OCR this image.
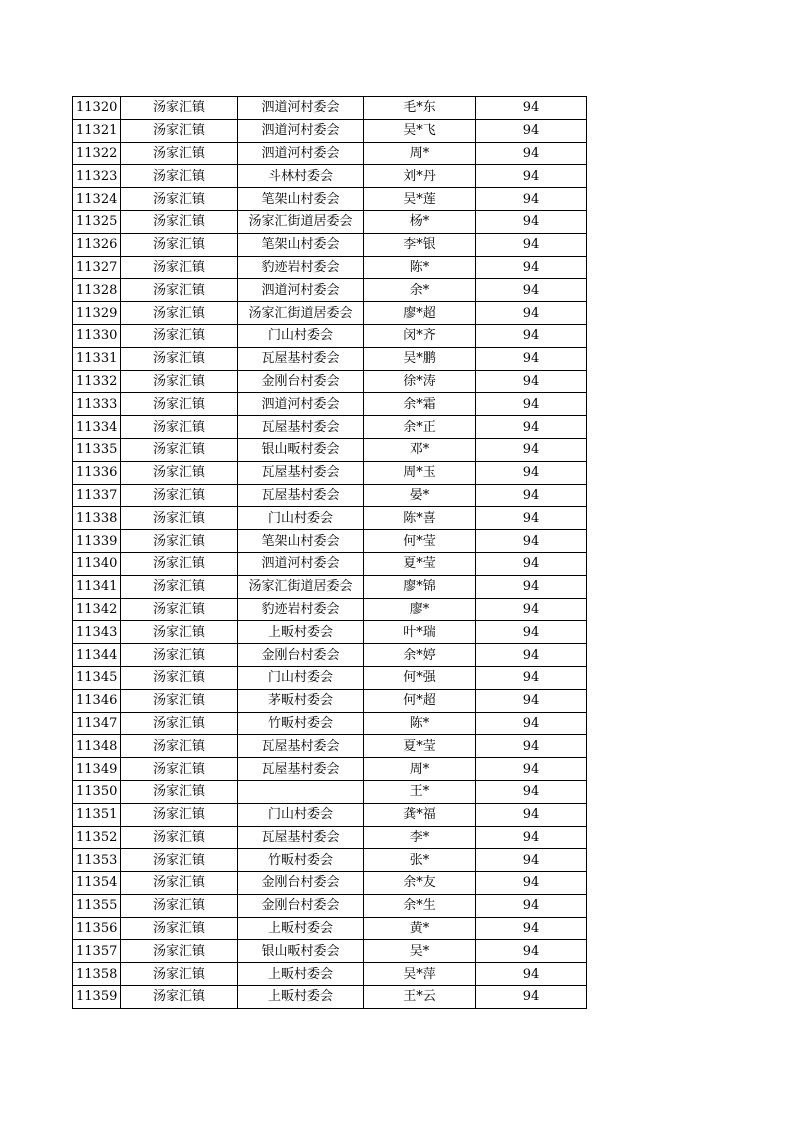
11320	汤家汇镇	泗道河村委会	毛*东	94
11321	汤家汇镇	泗道河村委会	吴*飞	94
11322	汤家汇镇	泗道河村委会	周*	94
11323	汤家汇镇	斗林村委会	刘*丹	94
11324	汤家汇镇	笔架山村委会	吴*莲	94
11325	汤家汇镇	汤家汇街道居委会	杨*	94
11326	汤家汇镇	笔架山村委会	李*银	94
11327	汤家汇镇	豹迹岩村委会	陈*	94
11328	汤家汇镇	泗道河村委会	余*	94
11329	汤家汇镇	汤家汇街道居委会	廖*超	94
11330	汤家汇镇	门山村委会	闵*齐	94
11331	汤家汇镇	瓦屋基村委会	吴*鹏	94
11332	汤家汇镇	金刚台村委会	徐*涛	94
11333	汤家汇镇	泗道河村委会	余*霜	94
11334	汤家汇镇	瓦屋基村委会	余*正	94
11335	汤家汇镇	银山畈村委会	邓*	94
11336	汤家汇镇	瓦屋基村委会	周*玉	94
11337	汤家汇镇	瓦屋基村委会	晏*	94
11338	汤家汇镇	门山村委会	陈*喜	94
11339	汤家汇镇	笔架山村委会	何*莹	94
11340	汤家汇镇	泗道河村委会	夏*莹	94
11341	汤家汇镇	汤家汇街道居委会	廖*锦	94
11342	汤家汇镇	豹迹岩村委会	廖*	94
11343	汤家汇镇	上畈村委会	叶*瑞	94
11344	汤家汇镇	金刚台村委会	余*婷	94
11345	汤家汇镇	门山村委会	何*强	94
11346	汤家汇镇	茅畈村委会	何*超	94
11347	汤家汇镇	竹畈村委会	陈*	94
11348	汤家汇镇	瓦屋基村委会	夏*莹	94
11349	汤家汇镇	瓦屋基村委会	周*	94
11350	汤家汇镇		王*	94
11351	汤家汇镇	门山村委会	龚*福	94
11352	汤家汇镇	瓦屋基村委会	李*	94
11353	汤家汇镇	竹畈村委会	张*	94
11354	汤家汇镇	金刚台村委会	余*友	94
11355	汤家汇镇	金刚台村委会	余*生	94
11356	汤家汇镇	上畈村委会	黄*	94
11357	汤家汇镇	银山畈村委会	吴*	94
11358	汤家汇镇	上畈村委会	吴*萍	94
11359	汤家汇镇	上畈村委会	王*云	94
